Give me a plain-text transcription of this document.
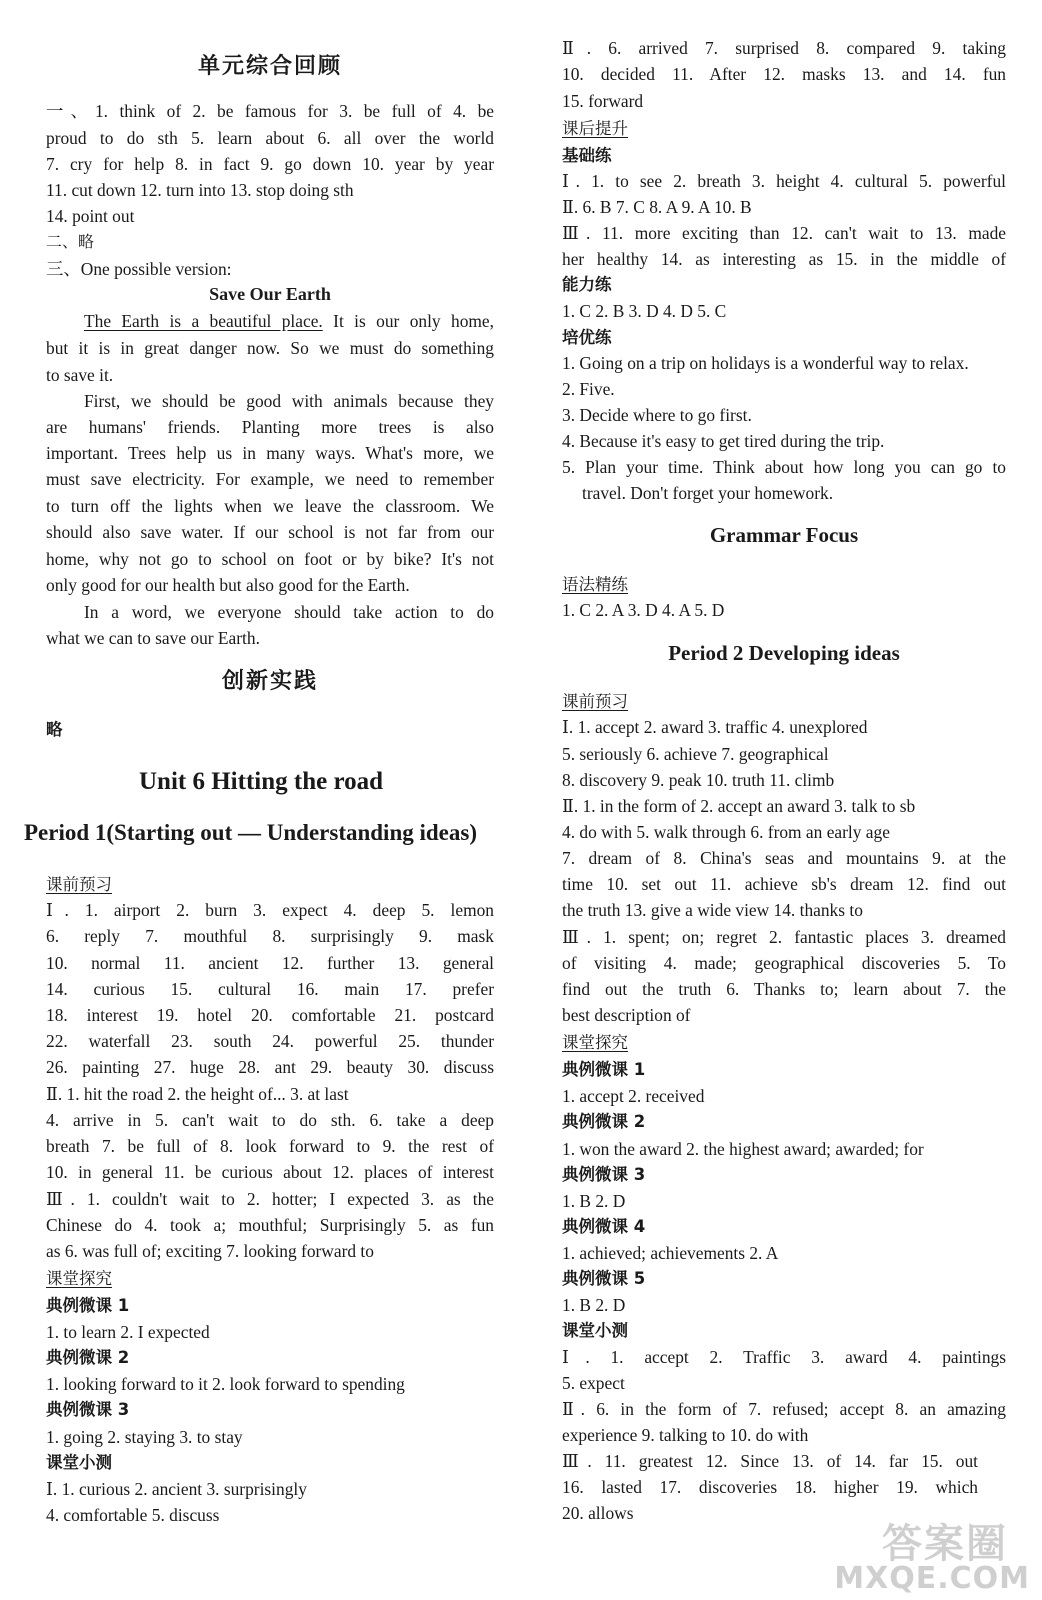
单元综合回顾
一、1. think of 2. be famous for 3. be full of 4. be
proud to do sth 5. learn about 6. all over the world
7. cry for help 8. in fact 9. go down 10. year by year
11. cut down 12. turn into 13. stop doing sth
14. point out
二、略
三、One possible version:
Save Our Earth
The Earth is a beautiful place. It is our only home,
but it is in great danger now. So we must do something
to save it.
First, we should be good with animals because they
are humans' friends. Planting more trees is also
important. Trees help us in many ways. What's more, we
must save electricity. For example, we need to remember
to turn off the lights when we leave the classroom. We
should also save water. If our school is not far from our
home, why not go to school on foot or by bike? It's not
only good for our health but also good for the Earth.
In a word, we everyone should take action to do
what we can to save our Earth.
创新实践
略
Unit 6 Hitting the road
Period 1(Starting out — Understanding ideas)
课前预习
Ⅰ. 1. airport 2. burn 3. expect 4. deep 5. lemon
6. reply 7. mouthful 8. surprisingly 9. mask
10. normal 11. ancient 12. further 13. general
14. curious 15. cultural 16. main 17. prefer
18. interest 19. hotel 20. comfortable 21. postcard
22. waterfall 23. south 24. powerful 25. thunder
26. painting 27. huge 28. ant 29. beauty 30. discuss
Ⅱ. 1. hit the road 2. the height of... 3. at last
4. arrive in 5. can't wait to do sth. 6. take a deep
breath 7. be full of 8. look forward to 9. the rest of
10. in general 11. be curious about 12. places of interest
Ⅲ. 1. couldn't wait to 2. hotter; I expected 3. as the
Chinese do 4. took a; mouthful; Surprisingly 5. as fun
as 6. was full of; exciting 7. looking forward to
课堂探究
典例微课 1
1. to learn 2. I expected
典例微课 2
1. looking forward to it 2. look forward to spending
典例微课 3
1. going 2. staying 3. to stay
课堂小测
Ⅰ. 1. curious 2. ancient 3. surprisingly
4. comfortable 5. discuss
Ⅱ. 6. arrived 7. surprised 8. compared 9. taking
10. decided 11. After 12. masks 13. and 14. fun
15. forward
课后提升
基础练
Ⅰ. 1. to see 2. breath 3. height 4. cultural 5. powerful
Ⅱ. 6. B 7. C 8. A 9. A 10. B
Ⅲ. 11. more exciting than 12. can't wait to 13. made
her healthy 14. as interesting as 15. in the middle of
能力练
1. C 2. B 3. D 4. D 5. C
培优练
1. Going on a trip on holidays is a wonderful way to relax.
2. Five.
3. Decide where to go first.
4. Because it's easy to get tired during the trip.
5. Plan your time. Think about how long you can go to
travel. Don't forget your homework.
Grammar Focus
语法精练
1. C 2. A 3. D 4. A 5. D
Period 2 Developing ideas
课前预习
Ⅰ. 1. accept 2. award 3. traffic 4. unexplored
5. seriously 6. achieve 7. geographical
8. discovery 9. peak 10. truth 11. climb
Ⅱ. 1. in the form of 2. accept an award 3. talk to sb
4. do with 5. walk through 6. from an early age
7. dream of 8. China's seas and mountains 9. at the
time 10. set out 11. achieve sb's dream 12. find out
the truth 13. give a wide view 14. thanks to
Ⅲ. 1. spent; on; regret 2. fantastic places 3. dreamed
of visiting 4. made; geographical discoveries 5. To
find out the truth 6. Thanks to; learn about 7. the
best description of
课堂探究
典例微课 1
1. accept 2. received
典例微课 2
1. won the award 2. the highest award; awarded; for
典例微课 3
1. B 2. D
典例微课 4
1. achieved; achievements 2. A
典例微课 5
1. B 2. D
课堂小测
Ⅰ. 1. accept 2. Traffic 3. award 4. paintings
5. expect
Ⅱ. 6. in the form of 7. refused; accept 8. an amazing
experience 9. talking to 10. do with
Ⅲ. 11. greatest 12. Since 13. of 14. far 15. out
16. lasted 17. discoveries 18. higher 19. which
20. allows
答案圈
MXQE.COM
